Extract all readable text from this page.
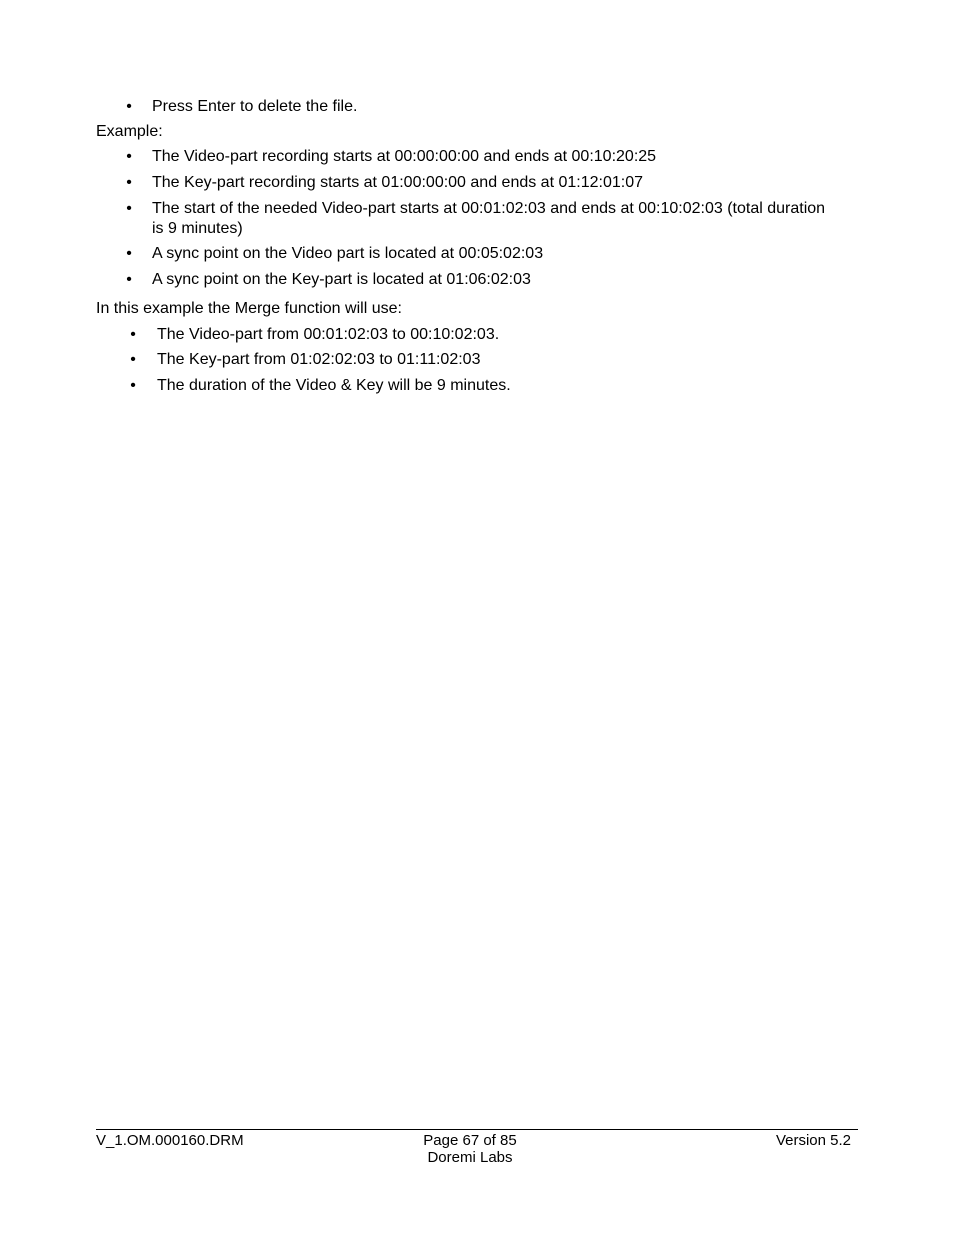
• Press Enter to delete the file.
Example:
• The Video-part recording starts at 00:00:00:00 and ends at 00:10:20:25
• The Key-part recording starts at 01:00:00:00 and ends at 01:12:01:07
• The start of the needed Video-part starts at 00:01:02:03 and ends at 00:10:02:03 (total duration is 9 minutes)
• A sync point on the Video part is located at 00:05:02:03
• A sync point on the Key-part is located at 01:06:02:03
In this example the Merge function will use:
• The Video-part from 00:01:02:03 to 00:10:02:03.
• The Key-part from 01:02:02:03 to 01:11:02:03
• The duration of the Video & Key will be 9 minutes.
V_1.OM.000160.DRM	Page 67 of 85
Doremi Labs
Version 5.2
